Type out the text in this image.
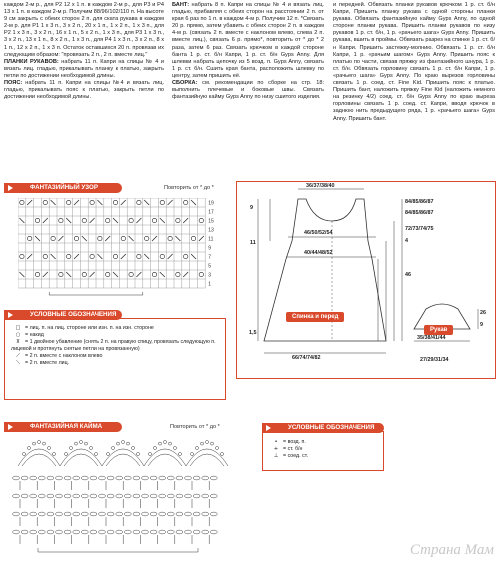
каждом 2-м р., для Р2 12 х 1 п. в каждом 2-м р., для Р3 и Р4 13 х 1 п. в каждом 2-м р. Получим 88/96/102/110 п. На высоте 9 см закрыть с обеих сторон 2 п. для ската рукава в каждом 2-м р. для Р1 1 х 3 п., 3 х 2 п., 20 х 1 п., 1 х 2 п., 1 х 3 п., для Р2 1 х 3 п., 3 х 2 п., 16 х 1 п., 5 х 2 п., 1 х 3 п., для Р3 1 х 3 п., 3 х 2 п., 13 х 1 п., 8 х 2 п., 1 х 3 п., для Р4 1 х 3 п., 3 х 2 п., 8 х 1 п., 12 х 2 п., 1 х 3 п. Остаток оставшихся 20 п. провязав их следующим образом: "провязать 2 п., 2 п. вместе лиц."

ПЛАНКИ РУКАВОВ: набрать 11 п. Капри на спицы № 4 и вязать лиц. гладью, прикалывать планку к платью, закрыть петли по достижении необходимой длины.

ПОЯС: набрать 11 п. Капри на спицы №4 и вязать лиц. гладью, прикалывать пояс к платью, закрыть петли по достижении необходимой длины.

БАНТ: набрать 8 п. Капри на спицы № 4 и вязать лиц. гладью, прибавляя с обеих сторон на расстоянии 2 п. от края 6 раз по 1 п. в каждом 4-м р. Получим 12 п. *Связать 20 р. прямо, затем убавить с обеих сторон 2 п. в каждом 4-м р. (связать 2 п. вместе с наклоном влево, слева 2 п. вместе лиц.), связать 6 р. прямо*, повторить от * до * 2 раза, затем 6 раз. Связать крючком в каждой стороне банта 1 р. ст. б/н Капри, 1 р. ст. б/н Gyps Anny. Для шлевки набрать цепочку из 5 возд. п. Gyps Anny, связать 1 р. ст. б/н. Сшить края банта, расположить шлевку по центру, затем пришить её.

СБОРКА: см. рекомендации по сборке на стр. 18: выполнить плечевые и боковые швы. Связать фантазийную кайму Gyps Anny по низу сшитого изделия.

и передней. Обвязать планки рукавов крючком 1 р. ст. б/н Капри, Пришить планку рукава с одной стороны планки рукава. Обвязать фантазийную кайму Gyps Anny, по одной стороне планки рукава. Пришить планки рукавов по низу рукавов 1 р. ст. б/н, 1 р. «рачьего шага» Gyps Anny. Пришить рукава, вшить в проймы. Обвязать разрез на спинке 1 р. ст. б/н Капри. Пришить застежку-молнию. Обвязать 1 р. ст. б/н Капри, 1 р. «рачьим шагом» Gyps Anny. Пришить пояс к платью по части, связав пряжку из фантазийного шнура, 1 р. ст. б/н. Обвязать горловину связать 1 р. ст. б/н Капри, 1 р. «рачьего шага» Gyps Anny. По краю вырезов горловины связать 1 р. соед. ст. Fine Kid. Пришить пояс к платью. Пришить бант, наложить пряжку Fine Kid (наложить немного на резинку 4/2) соед. ст. б/н Gyps Anny по краю выреза горловины связать 1 р. соед. ст. Капри, вводя крючок в заднюю нить предыдущего ряда, 1 р. «рачьего шага» Gyps Anny. Пришить бант.

ФАНТАЗИЙНЫЙ УЗОР	Повторить от * до *
19
17
15
13
11
9
7
5
3
1
УСЛОВНЫЕ ОБОЗНАЧЕНИЯ
□ = лиц. п. на лиц. стороне или изн. п. на изн. стороне
○ = накид
⊼ = 1 двойное убавление (снять 2 п. на правую спицу, провязать следующую п. лицевой и протянуть снятые петли на провязанную)
⟋ = 2 п. вместе с наклоном влево
⟍ = 2 п. вместе лиц.
ФАНТАЗИЙНАЯ КАЙМА	Повторить от * до *
36/37/38/40
46/50/52/54
40/44/48/52
66/74/74/82
84/85/86/87
84/85/86/87
72/73/74/75
4
46
9
11
1,5
Спинка и перед
Рукав
35/38/41/44
27/29/31/34
26
9
УСЛОВНЫЕ ОБОЗНАЧЕНИЯ
• = возд. п.
+ = ст. б/н
⊥ = соед. ст.
Страна Мам
